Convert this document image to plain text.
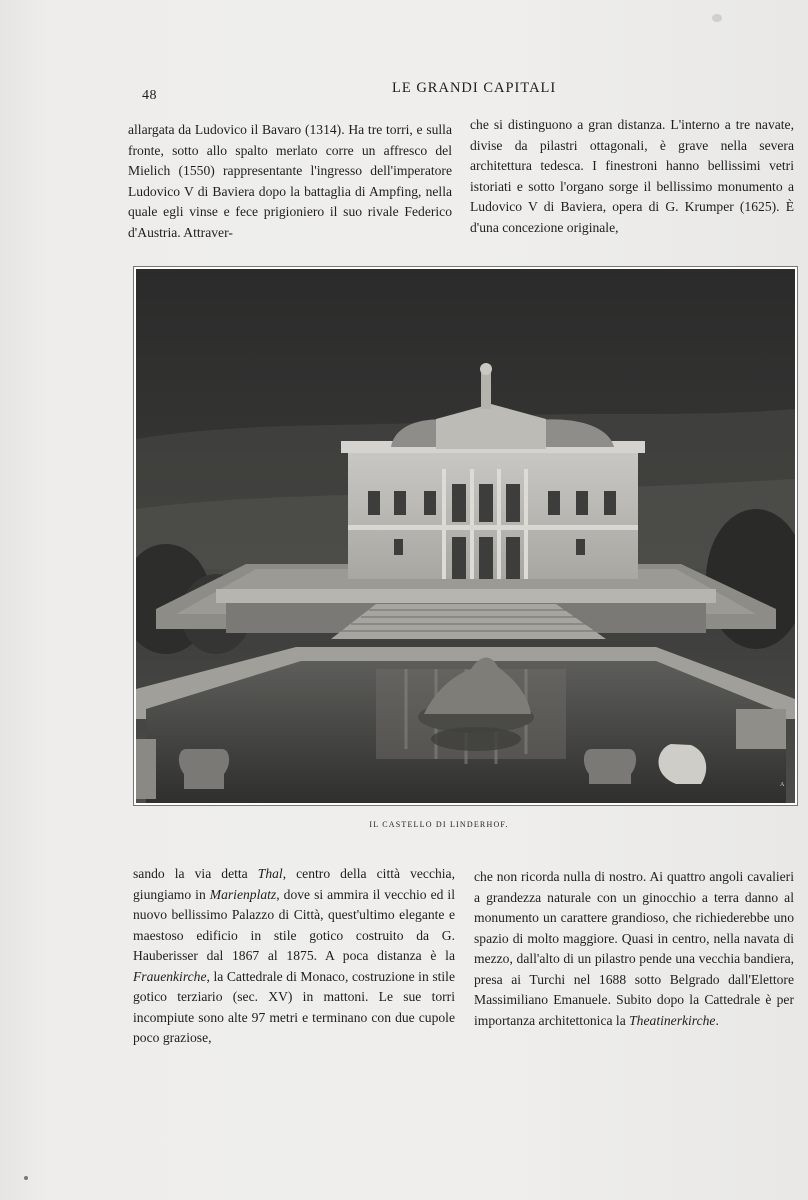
48	LE GRANDI CAPITALI

allargata da Ludovico il Bavaro (1314). Ha tre torri, e sulla fronte, sotto allo spalto merlato corre un affresco del Mielich (1550) rappresentante l'ingresso dell'imperatore Ludovico V di Baviera dopo la battaglia di Ampfing, nella quale egli vinse e fece prigioniero il suo rivale Federico d'Austria. Attraver-

che si distinguono a gran distanza. L'interno a tre navate, divise da pilastri ottagonali, è grave nella severa architettura tedesca. I finestroni hanno bellissimi vetri istoriati e sotto l'organo sorge il bellissimo monumento a Ludovico V di Baviera, opera di G. Krumper (1625). È d'una concezione originale,

A
IL CASTELLO DI LINDERHOF.

sando la via detta Thal, centro della città vecchia, giungiamo in Marienplatz, dove si ammira il vecchio ed il nuovo bellissimo Palazzo di Città, quest'ultimo elegante e maestoso edificio in stile gotico costruito da G. Hauberisser dal 1867 al 1875. A poca distanza è la Frauenkirche, la Cattedrale di Monaco, costruzione in stile gotico terziario (sec. XV) in mattoni. Le sue torri incompiute sono alte 97 metri e terminano con due cupole poco graziose,

che non ricorda nulla di nostro. Ai quattro angoli cavalieri a grandezza naturale con un ginocchio a terra danno al monumento un carattere grandioso, che richiederebbe uno spazio di molto maggiore. Quasi in centro, nella navata di mezzo, dall'alto di un pilastro pende una vecchia bandiera, presa ai Turchi nel 1688 sotto Belgrado dall'Elettore Massimiliano Emanuele. Subito dopo la Cattedrale è per importanza architettonica la Theatinerkirche.
